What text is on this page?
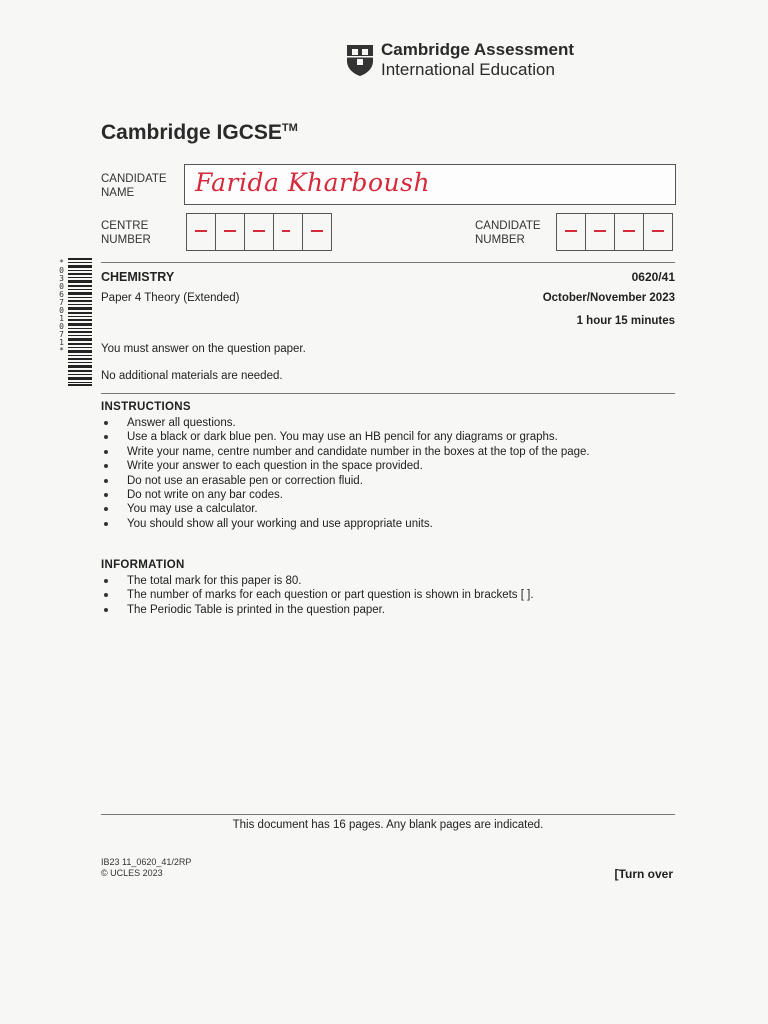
Cambridge Assessment
International Education
Cambridge IGCSE™
CANDIDATE
NAME	Farida Kharboush
CENTRE
NUMBER
CANDIDATE
NUMBER
*0306701071*	CHEMISTRY
Paper 4 Theory (Extended)
0620/41
October/November 2023
1 hour 15 minutes
You must answer on the question paper.
No additional materials are needed.
INSTRUCTIONS
Answer all questions.
Use a black or dark blue pen. You may use an HB pencil for any diagrams or graphs.
Write your name, centre number and candidate number in the boxes at the top of the page.
Write your answer to each question in the space provided.
Do not use an erasable pen or correction fluid.
Do not write on any bar codes.
You may use a calculator.
You should show all your working and use appropriate units.
INFORMATION
The total mark for this paper is 80.
The number of marks for each question or part question is shown in brackets [ ].
The Periodic Table is printed in the question paper.
This document has 16 pages. Any blank pages are indicated.
IB23 11_0620_41/2RP
© UCLES 2023	[Turn over
